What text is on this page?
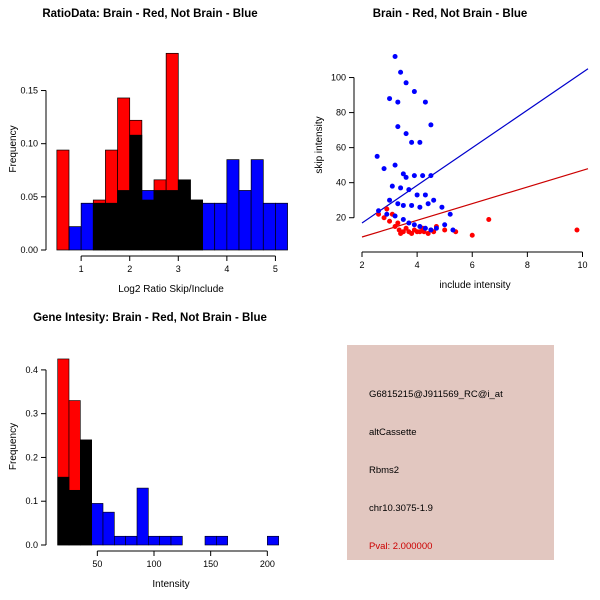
RatioData: Brain - Red, Not Brain - Blue
0.00
0.05
0.10
0.15
1	2	3	4	5
Frequency
Log2 Ratio Skip/Include
Brain - Red, Not Brain - Blue
20
40
60
80
100
2	4	6	8	10
skip intensity
include intensity
Gene Intesity: Brain - Red, Not Brain - Blue
0.0
0.1
0.2
0.3
0.4
50	100	150	200
Frequency
Intensity
G6815215@J911569_RC@i_at
altCassette
Rbms2
chr10.3075-1.9
Pval: 2.000000
